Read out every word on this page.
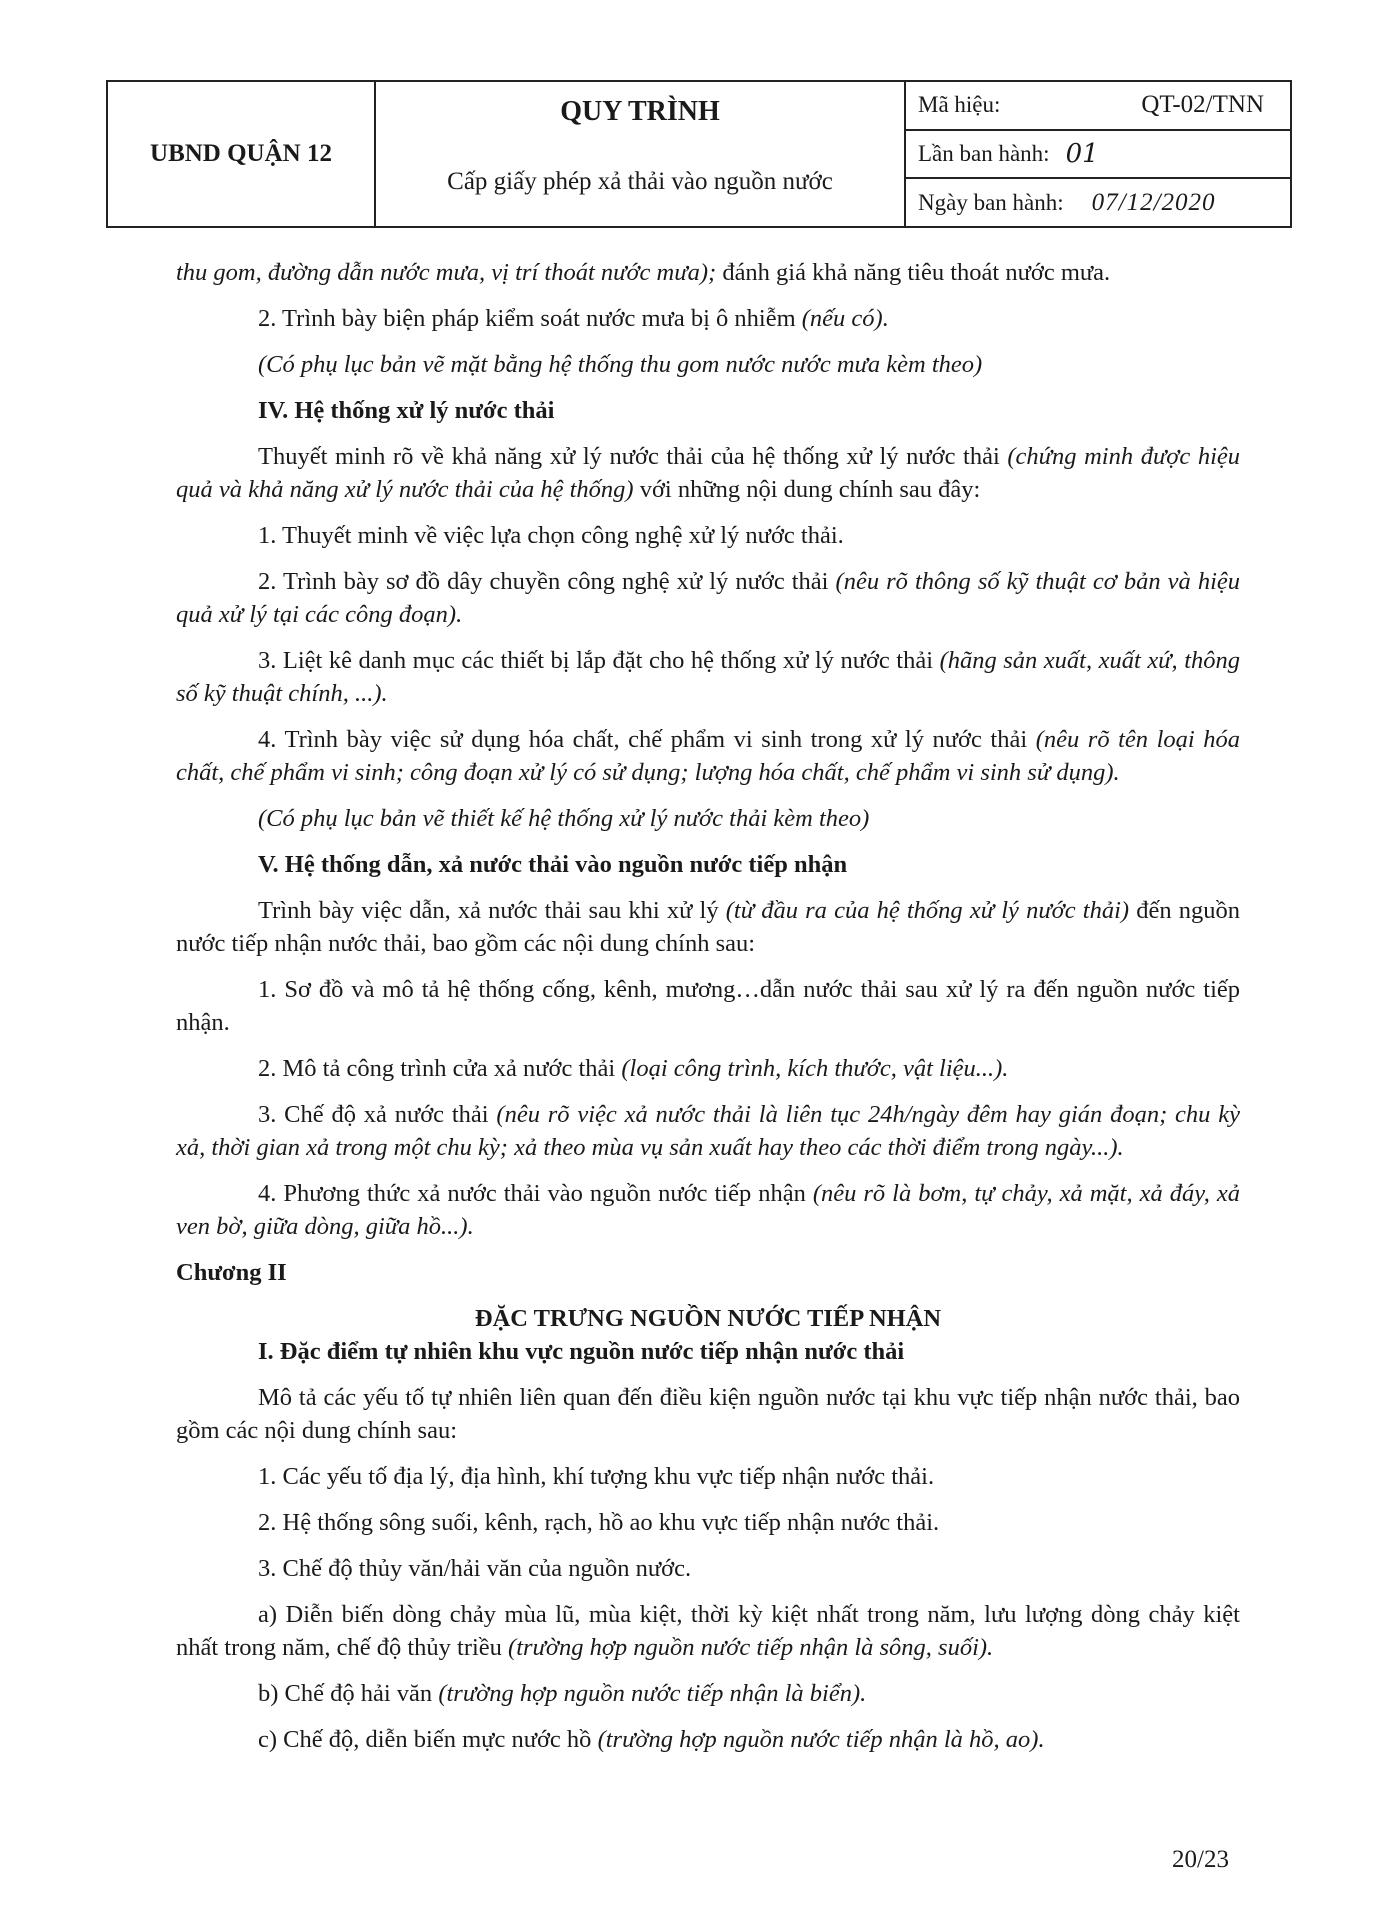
UBND QUẬN 12
QUY TRÌNH
Cấp giấy phép xả thải vào nguồn nước
Mã hiệu:	QT-02/TNN
Lần ban hành: 01
Ngày ban hành: 07/12/2020

thu gom, đường dẫn nước mưa, vị trí thoát nước mưa); đánh giá khả năng tiêu thoát nước mưa.

2. Trình bày biện pháp kiểm soát nước mưa bị ô nhiễm (nếu có).

(Có phụ lục bản vẽ mặt bằng hệ thống thu gom nước nước mưa kèm theo)

IV. Hệ thống xử lý nước thải

Thuyết minh rõ về khả năng xử lý nước thải của hệ thống xử lý nước thải (chứng minh được hiệu quả và khả năng xử lý nước thải của hệ thống) với những nội dung chính sau đây:

1. Thuyết minh về việc lựa chọn công nghệ xử lý nước thải.

2. Trình bày sơ đồ dây chuyền công nghệ xử lý nước thải (nêu rõ thông số kỹ thuật cơ bản và hiệu quả xử lý tại các công đoạn).

3. Liệt kê danh mục các thiết bị lắp đặt cho hệ thống xử lý nước thải (hãng sản xuất, xuất xứ, thông số kỹ thuật chính, ...).

4. Trình bày việc sử dụng hóa chất, chế phẩm vi sinh trong xử lý nước thải (nêu rõ tên loại hóa chất, chế phẩm vi sinh; công đoạn xử lý có sử dụng; lượng hóa chất, chế phẩm vi sinh sử dụng).

(Có phụ lục bản vẽ thiết kế hệ thống xử lý nước thải kèm theo)

V. Hệ thống dẫn, xả nước thải vào nguồn nước tiếp nhận

Trình bày việc dẫn, xả nước thải sau khi xử lý (từ đầu ra của hệ thống xử lý nước thải) đến nguồn nước tiếp nhận nước thải, bao gồm các nội dung chính sau:

1. Sơ đồ và mô tả hệ thống cống, kênh, mương…dẫn nước thải sau xử lý ra đến nguồn nước tiếp nhận.

2. Mô tả công trình cửa xả nước thải (loại công trình, kích thước, vật liệu...).

3. Chế độ xả nước thải (nêu rõ việc xả nước thải là liên tục 24h/ngày đêm hay gián đoạn; chu kỳ xả, thời gian xả trong một chu kỳ; xả theo mùa vụ sản xuất hay theo các thời điểm trong ngày...).

4. Phương thức xả nước thải vào nguồn nước tiếp nhận (nêu rõ là bơm, tự chảy, xả mặt, xả đáy, xả ven bờ, giữa dòng, giữa hồ...).

Chương II

ĐẶC TRƯNG NGUỒN NƯỚC TIẾP NHẬN

I. Đặc điểm tự nhiên khu vực nguồn nước tiếp nhận nước thải

Mô tả các yếu tố tự nhiên liên quan đến điều kiện nguồn nước tại khu vực tiếp nhận nước thải, bao gồm các nội dung chính sau:

1. Các yếu tố địa lý, địa hình, khí tượng khu vực tiếp nhận nước thải.

2. Hệ thống sông suối, kênh, rạch, hồ ao khu vực tiếp nhận nước thải.

3. Chế độ thủy văn/hải văn của nguồn nước.

a) Diễn biến dòng chảy mùa lũ, mùa kiệt, thời kỳ kiệt nhất trong năm, lưu lượng dòng chảy kiệt nhất trong năm, chế độ thủy triều (trường hợp nguồn nước tiếp nhận là sông, suối).

b) Chế độ hải văn (trường hợp nguồn nước tiếp nhận là biển).

c) Chế độ, diễn biến mực nước hồ (trường hợp nguồn nước tiếp nhận là hồ, ao).

20/23
